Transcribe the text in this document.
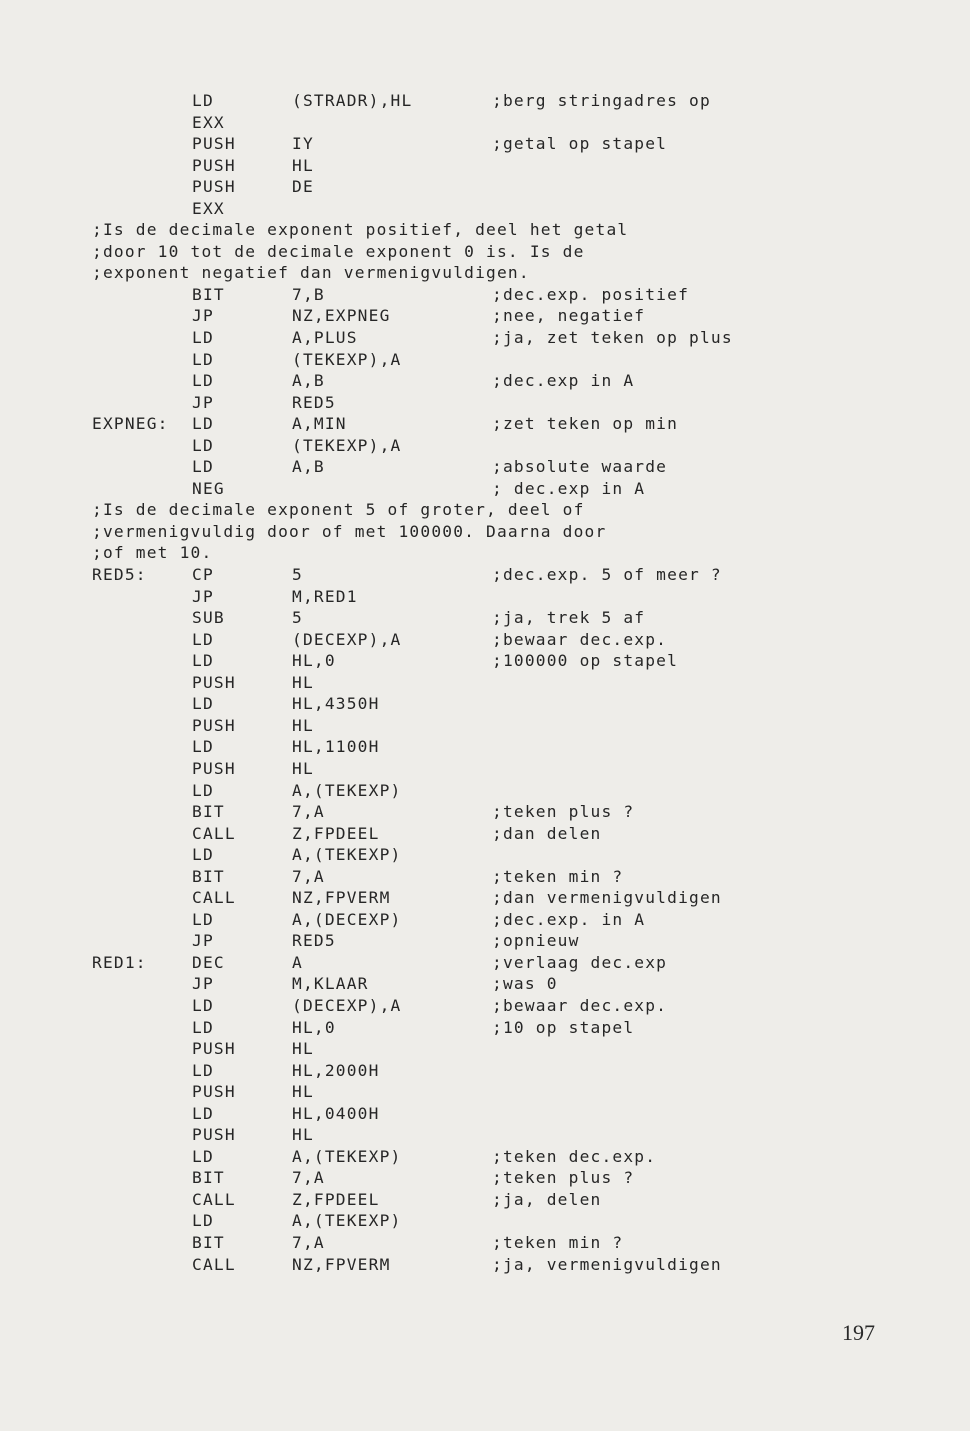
LD	(STRADR),HL	;berg stringadres op
EXX
PUSH	IY	;getal op stapel
PUSH	HL
PUSH	DE
EXX
;Is de decimale exponent positief, deel het getal
;door 10 tot de decimale exponent 0 is. Is de
;exponent negatief dan vermenigvuldigen.
BIT	7,B	;dec.exp. positief
JP	NZ,EXPNEG	;nee, negatief
LD	A,PLUS	;ja, zet teken op plus
LD	(TEKEXP),A
LD	A,B	;dec.exp in A
JP	RED5
EXPNEG: LD	A,MIN	;zet teken op min
LD	(TEKEXP),A
LD	A,B	;absolute waarde
NEG	; dec.exp in A
;Is de decimale exponent 5 of groter, deel of
;vermenigvuldig door of met 100000. Daarna door
;of met 10.
RED5:	CP	5	;dec.exp. 5 of meer ?
JP	M,RED1
SUB	5	;ja, trek 5 af
LD	(DECEXP),A	;bewaar dec.exp.
LD	HL,0	;100000 op stapel
PUSH	HL
LD	HL,4350H
PUSH	HL
LD	HL,1100H
PUSH	HL
LD	A,(TEKEXP)
BIT	7,A	;teken plus ?
CALL	Z,FPDEEL	;dan delen
LD	A,(TEKEXP)
BIT	7,A	;teken min ?
CALL	NZ,FPVERM	;dan vermenigvuldigen
LD	A,(DECEXP)	;dec.exp. in A
JP	RED5	;opnieuw
RED1:	DEC	A	;verlaag dec.exp
JP	M,KLAAR	;was 0
LD	(DECEXP),A	;bewaar dec.exp.
LD	HL,0	;10 op stapel
PUSH	HL
LD	HL,2000H
PUSH	HL
LD	HL,0400H
PUSH	HL
LD	A,(TEKEXP)	;teken dec.exp.
BIT	7,A	;teken plus ?
CALL	Z,FPDEEL	;ja, delen
LD	A,(TEKEXP)
BIT	7,A	;teken min ?
CALL	NZ,FPVERM	;ja, vermenigvuldigen
197
